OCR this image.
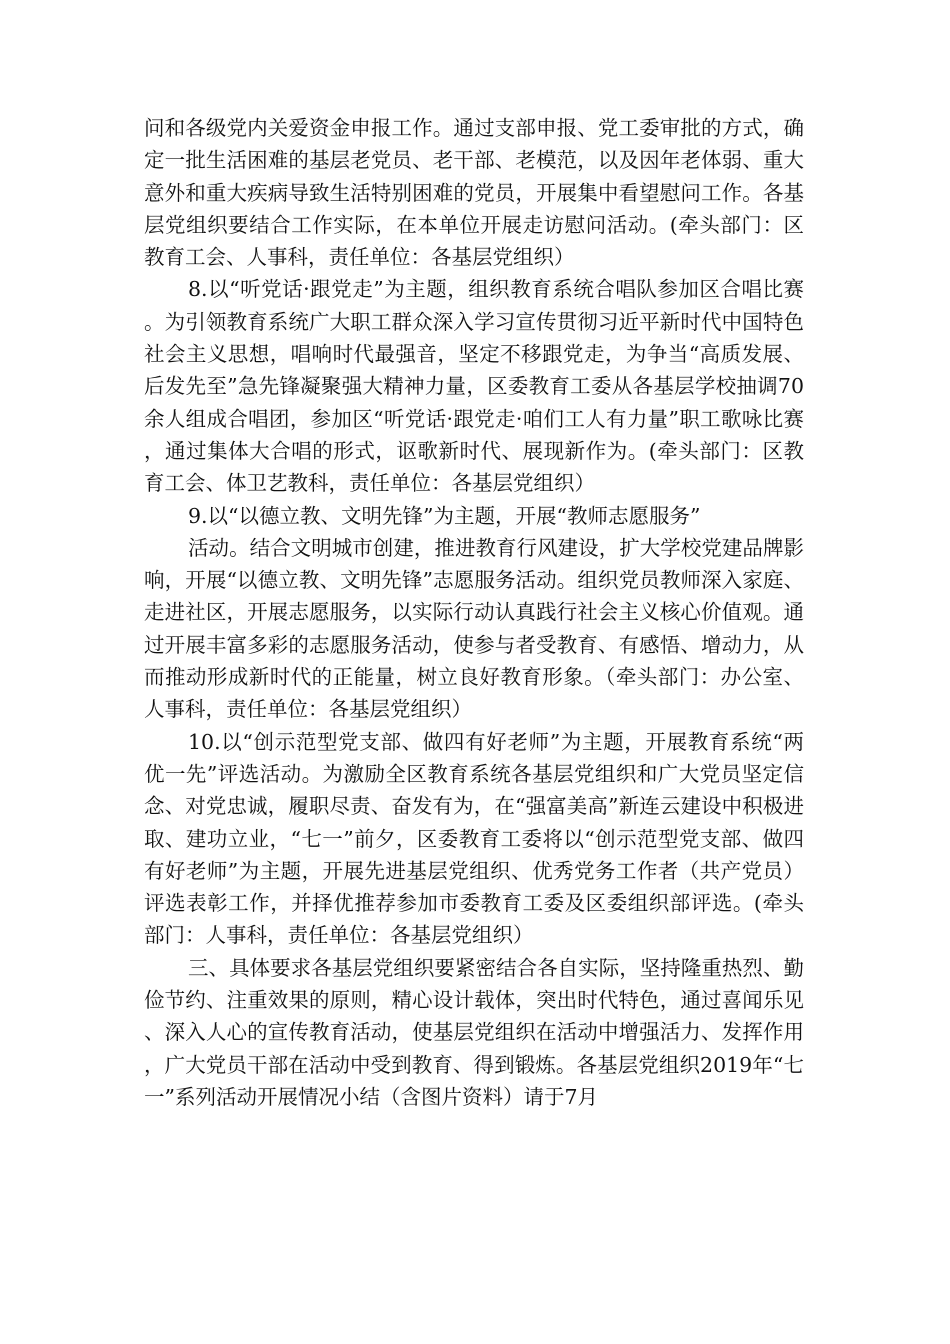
问和各级党内关爱资金申报工作。通过支部申报、党工委审批的方式，确定一批生活困难的基层老党员、老干部、老模范，以及因年老体弱、重大意外和重大疾病导致生活特别困难的党员，开展集中看望慰问工作。各基层党组织要结合工作实际，在本单位开展走访慰问活动。(牵头部门：区教育工会、人事科，责任单位：各基层党组织）

8.以“听党话·跟党走”为主题，组织教育系统合唱队参加区合唱比赛。为引领教育系统广大职工群众深入学习宣传贯彻习近平新时代中国特色社会主义思想，唱响时代最强音，坚定不移跟党走，为争当“高质发展、后发先至”急先锋凝聚强大精神力量，区委教育工委从各基层学校抽调70余人组成合唱团，参加区“听党话·跟党走·咱们工人有力量”职工歌咏比赛，通过集体大合唱的形式，讴歌新时代、展现新作为。(牵头部门：区教育工会、体卫艺教科，责任单位：各基层党组织）

9.以“以德立教、文明先锋”为主题，开展“教师志愿服务”

活动。结合文明城市创建，推进教育行风建设，扩大学校党建品牌影响，开展“以德立教、文明先锋”志愿服务活动。组织党员教师深入家庭、走进社区，开展志愿服务，以实际行动认真践行社会主义核心价值观。通过开展丰富多彩的志愿服务活动，使参与者受教育、有感悟、增动力，从而推动形成新时代的正能量，树立良好教育形象。（牵头部门：办公室、人事科，责任单位：各基层党组织）

10.以“创示范型党支部、做四有好老师”为主题，开展教育系统“两优一先”评选活动。为激励全区教育系统各基层党组织和广大党员坚定信念、对党忠诚，履职尽责、奋发有为，在“强富美高”新连云建设中积极进取、建功立业，“七一”前夕，区委教育工委将以“创示范型党支部、做四有好老师”为主题，开展先进基层党组织、优秀党务工作者（共产党员）评选表彰工作，并择优推荐参加市委教育工委及区委组织部评选。(牵头部门：人事科，责任单位：各基层党组织）

三、具体要求各基层党组织要紧密结合各自实际，坚持隆重热烈、勤俭节约、注重效果的原则，精心设计载体，突出时代特色，通过喜闻乐见、深入人心的宣传教育活动，使基层党组织在活动中增强活力、发挥作用，广大党员干部在活动中受到教育、得到锻炼。各基层党组织2019年“七一”系列活动开展情况小结（含图片资料）请于7月
